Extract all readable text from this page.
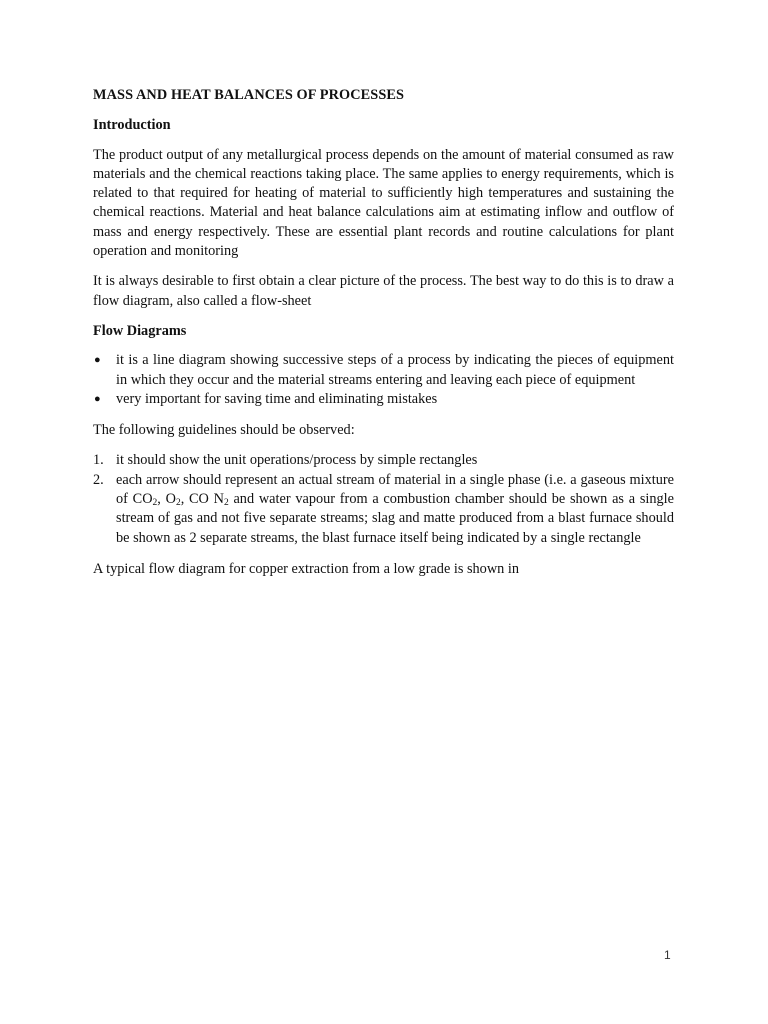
MASS AND HEAT BALANCES OF PROCESSES
Introduction

The product output of any metallurgical process depends on the amount of material consumed as raw materials and the chemical reactions taking place. The same applies to energy requirements, which is related to that required for heating of material to sufficiently high temperatures and sustaining the chemical reactions. Material and heat balance calculations aim at estimating inflow and outflow of mass and energy respectively. These are essential plant records and routine calculations for plant operation and monitoring

It is always desirable to first obtain a clear picture of the process. The best way to do this is to draw a flow diagram, also called a flow-sheet

Flow Diagrams
●	it is a line diagram showing successive steps of a process by indicating the pieces of equipment in which they occur and the material streams entering and leaving each piece of equipment
●	very important for saving time and eliminating mistakes

The following guidelines should be observed:

1. it should show the unit operations/process by simple rectangles
2. each arrow should represent an actual stream of material in a single phase (i.e. a gaseous mixture of $CO_2$, $O_2$, CO $N_2$ and water vapour from a combustion chamber should be shown as a single stream of gas and not five separate streams; slag and matte produced from a blast furnace should be shown as 2 separate streams, the blast furnace itself being indicated by a single rectangle

A typical flow diagram for copper extraction from a low grade is shown in

1
